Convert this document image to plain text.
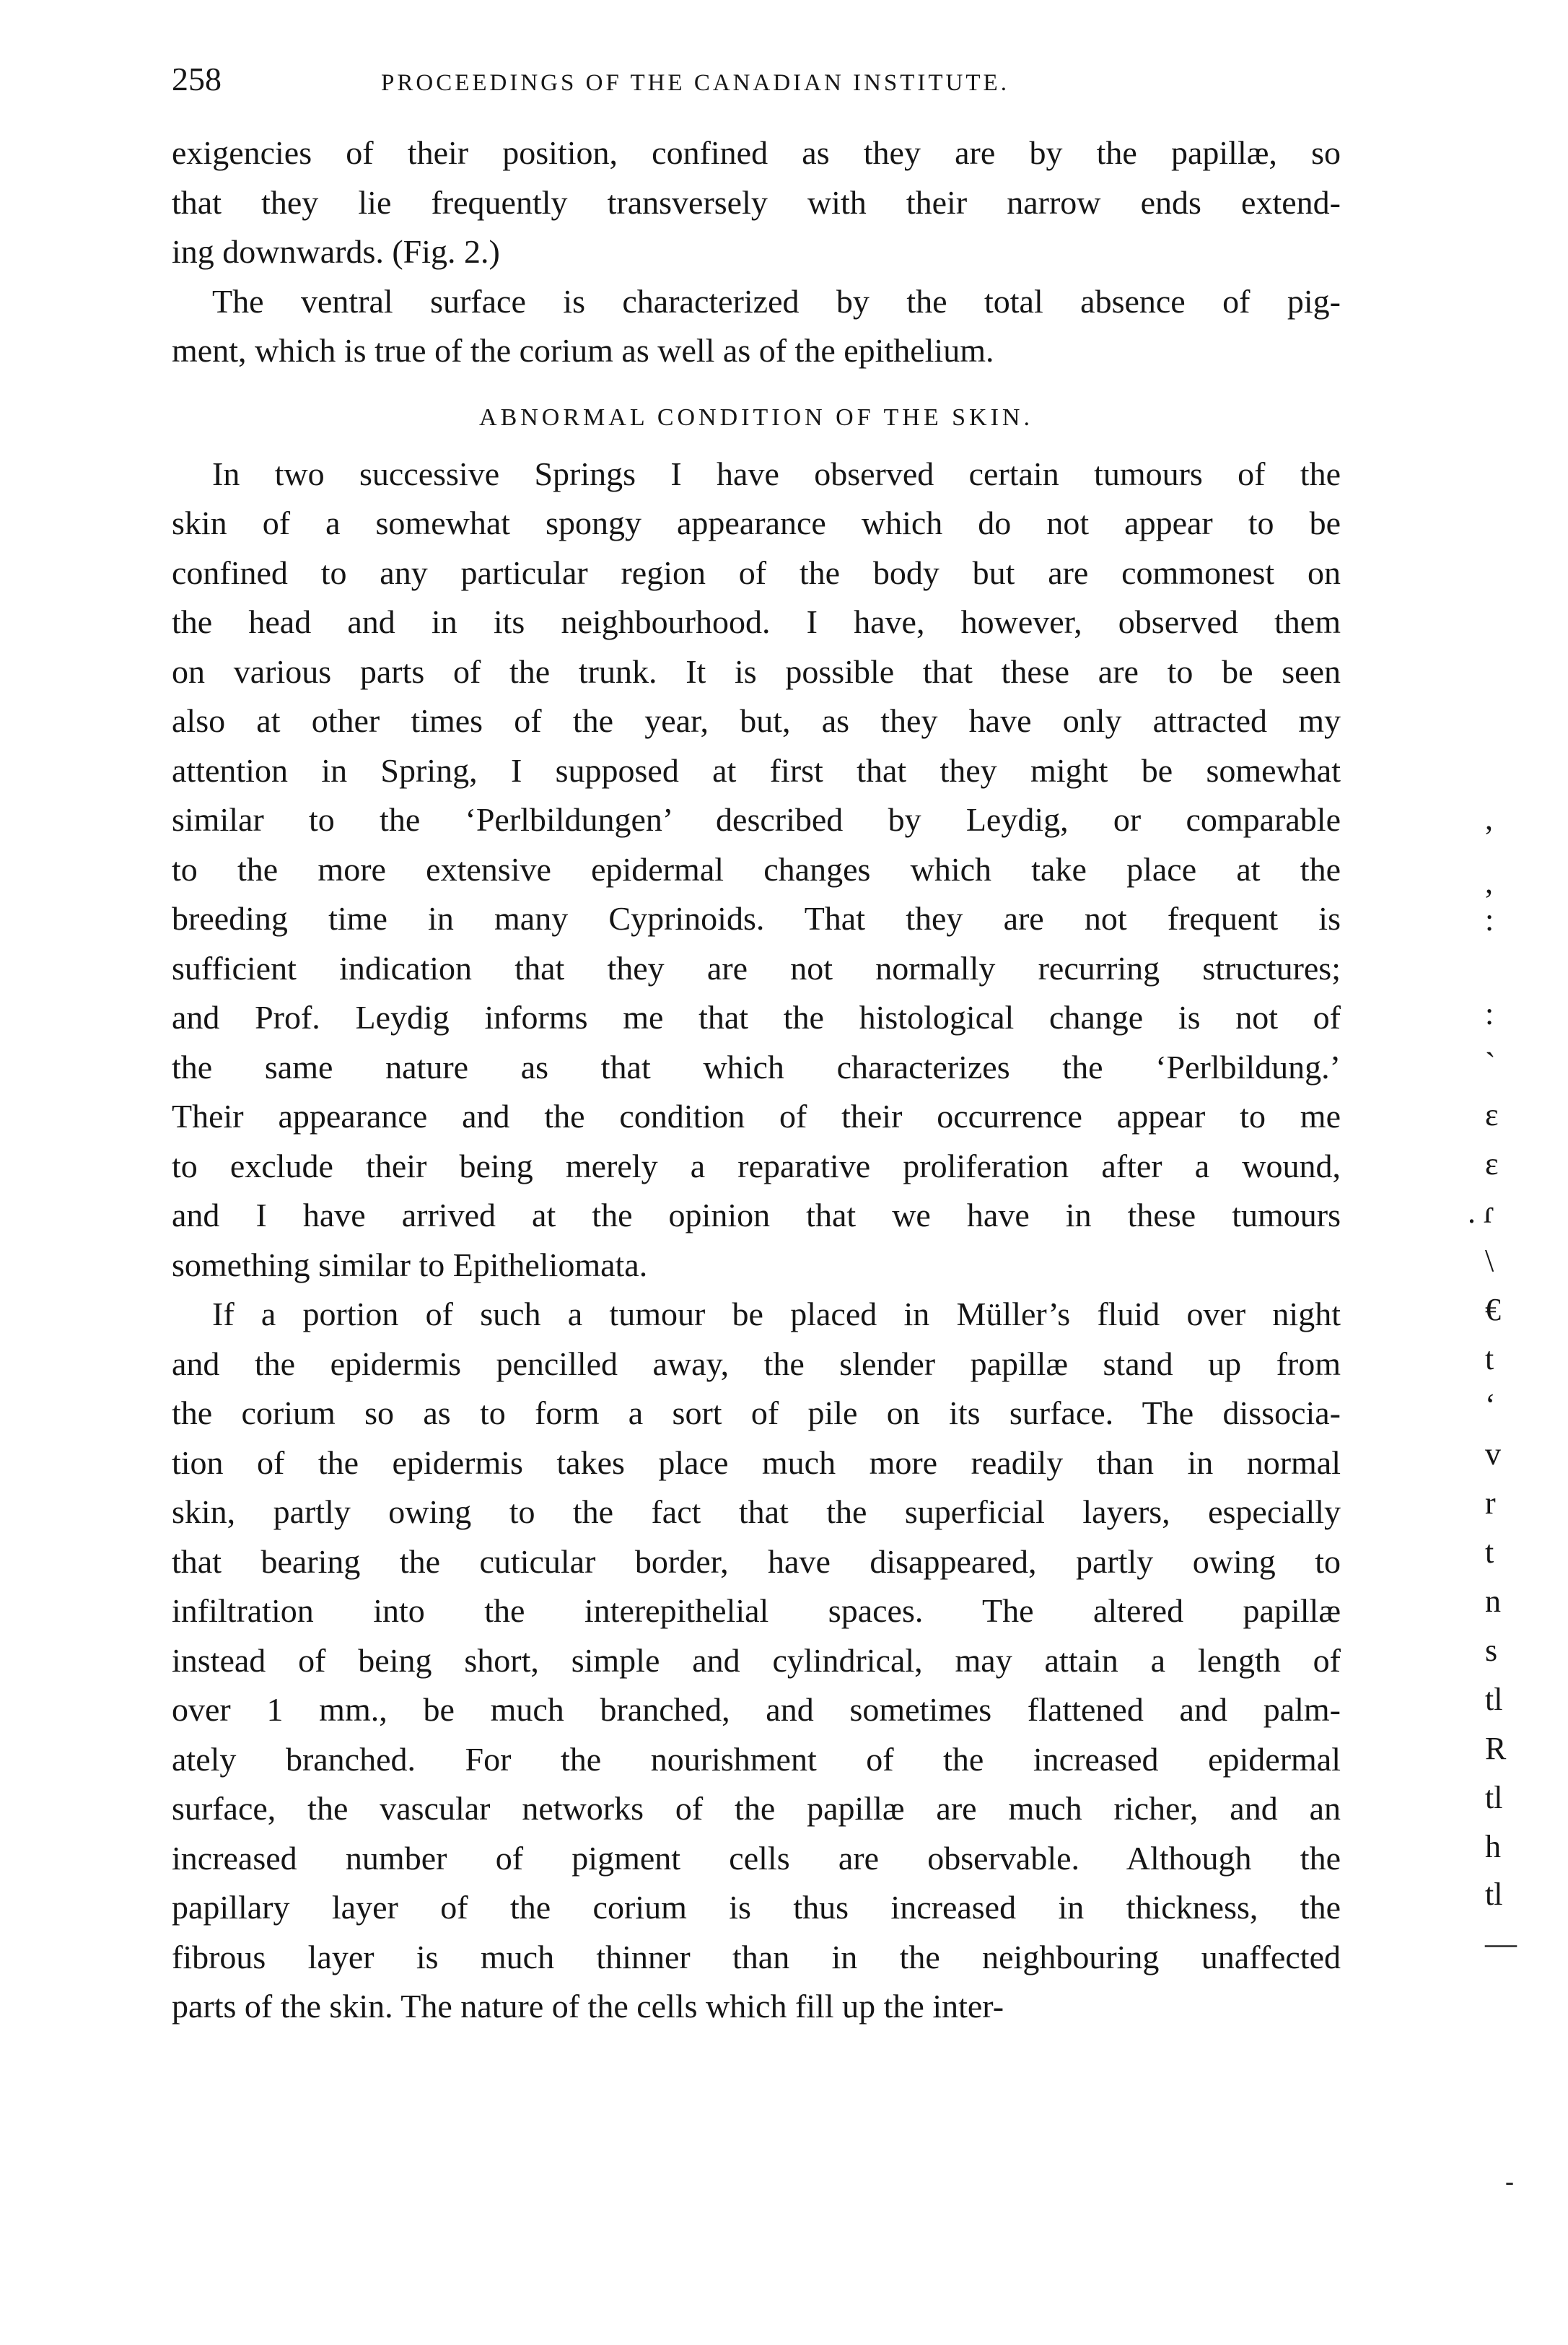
258	PROCEEDINGS OF THE CANADIAN INSTITUTE.
exigencies of their position, confined as they are by the papillæ, so
that they lie frequently transversely with their narrow ends extend-
ing downwards. (Fig. 2.)
The ventral surface is characterized by the total absence of pig-
ment, which is true of the corium as well as of the epithelium.
ABNORMAL CONDITION OF THE SKIN.
In two successive Springs I have observed certain tumours of the
skin of a somewhat spongy appearance which do not appear to be
confined to any particular region of the body but are commonest on
the head and in its neighbourhood. I have, however, observed them
on various parts of the trunk. It is possible that these are to be seen
also at other times of the year, but, as they have only attracted my
attention in Spring, I supposed at first that they might be somewhat
similar to the ‘Perlbildungen’ described by Leydig, or comparable
to the more extensive epidermal changes which take place at the
breeding time in many Cyprinoids. That they are not frequent is
sufficient indication that they are not normally recurring structures;
and Prof. Leydig informs me that the histological change is not of
the same nature as that which characterizes the ‘Perlbildung.’
Their appearance and the condition of their occurrence appear to me
to exclude their being merely a reparative proliferation after a wound,
and I have arrived at the opinion that we have in these tumours
something similar to Epitheliomata.
If a portion of such a tumour be placed in Müller’s fluid over night
and the epidermis pencilled away, the slender papillæ stand up from
the corium so as to form a sort of pile on its surface. The dissocia-
tion of the epidermis takes place much more readily than in normal
skin, partly owing to the fact that the superficial layers, especially
that bearing the cuticular border, have disappeared, partly owing to
infiltration into the interepithelial spaces. The altered papillæ
instead of being short, simple and cylindrical, may attain a length of
over 1 mm., be much branched, and sometimes flattened and palm-
ately branched. For the nourishment of the increased epidermal
surface, the vascular networks of the papillæ are much richer, and an
increased number of pigment cells are observable. Although the
papillary layer of the corium is thus increased in thickness, the
fibrous layer is much thinner than in the neighbouring unaffected
parts of the skin. The nature of the cells which fill up the inter-
,
,
:
:
`
ɛ
ɛ
. ɾ
\
€
t
‘
v
r
t
n
s
tl
R
tl
h
tl
—
-
